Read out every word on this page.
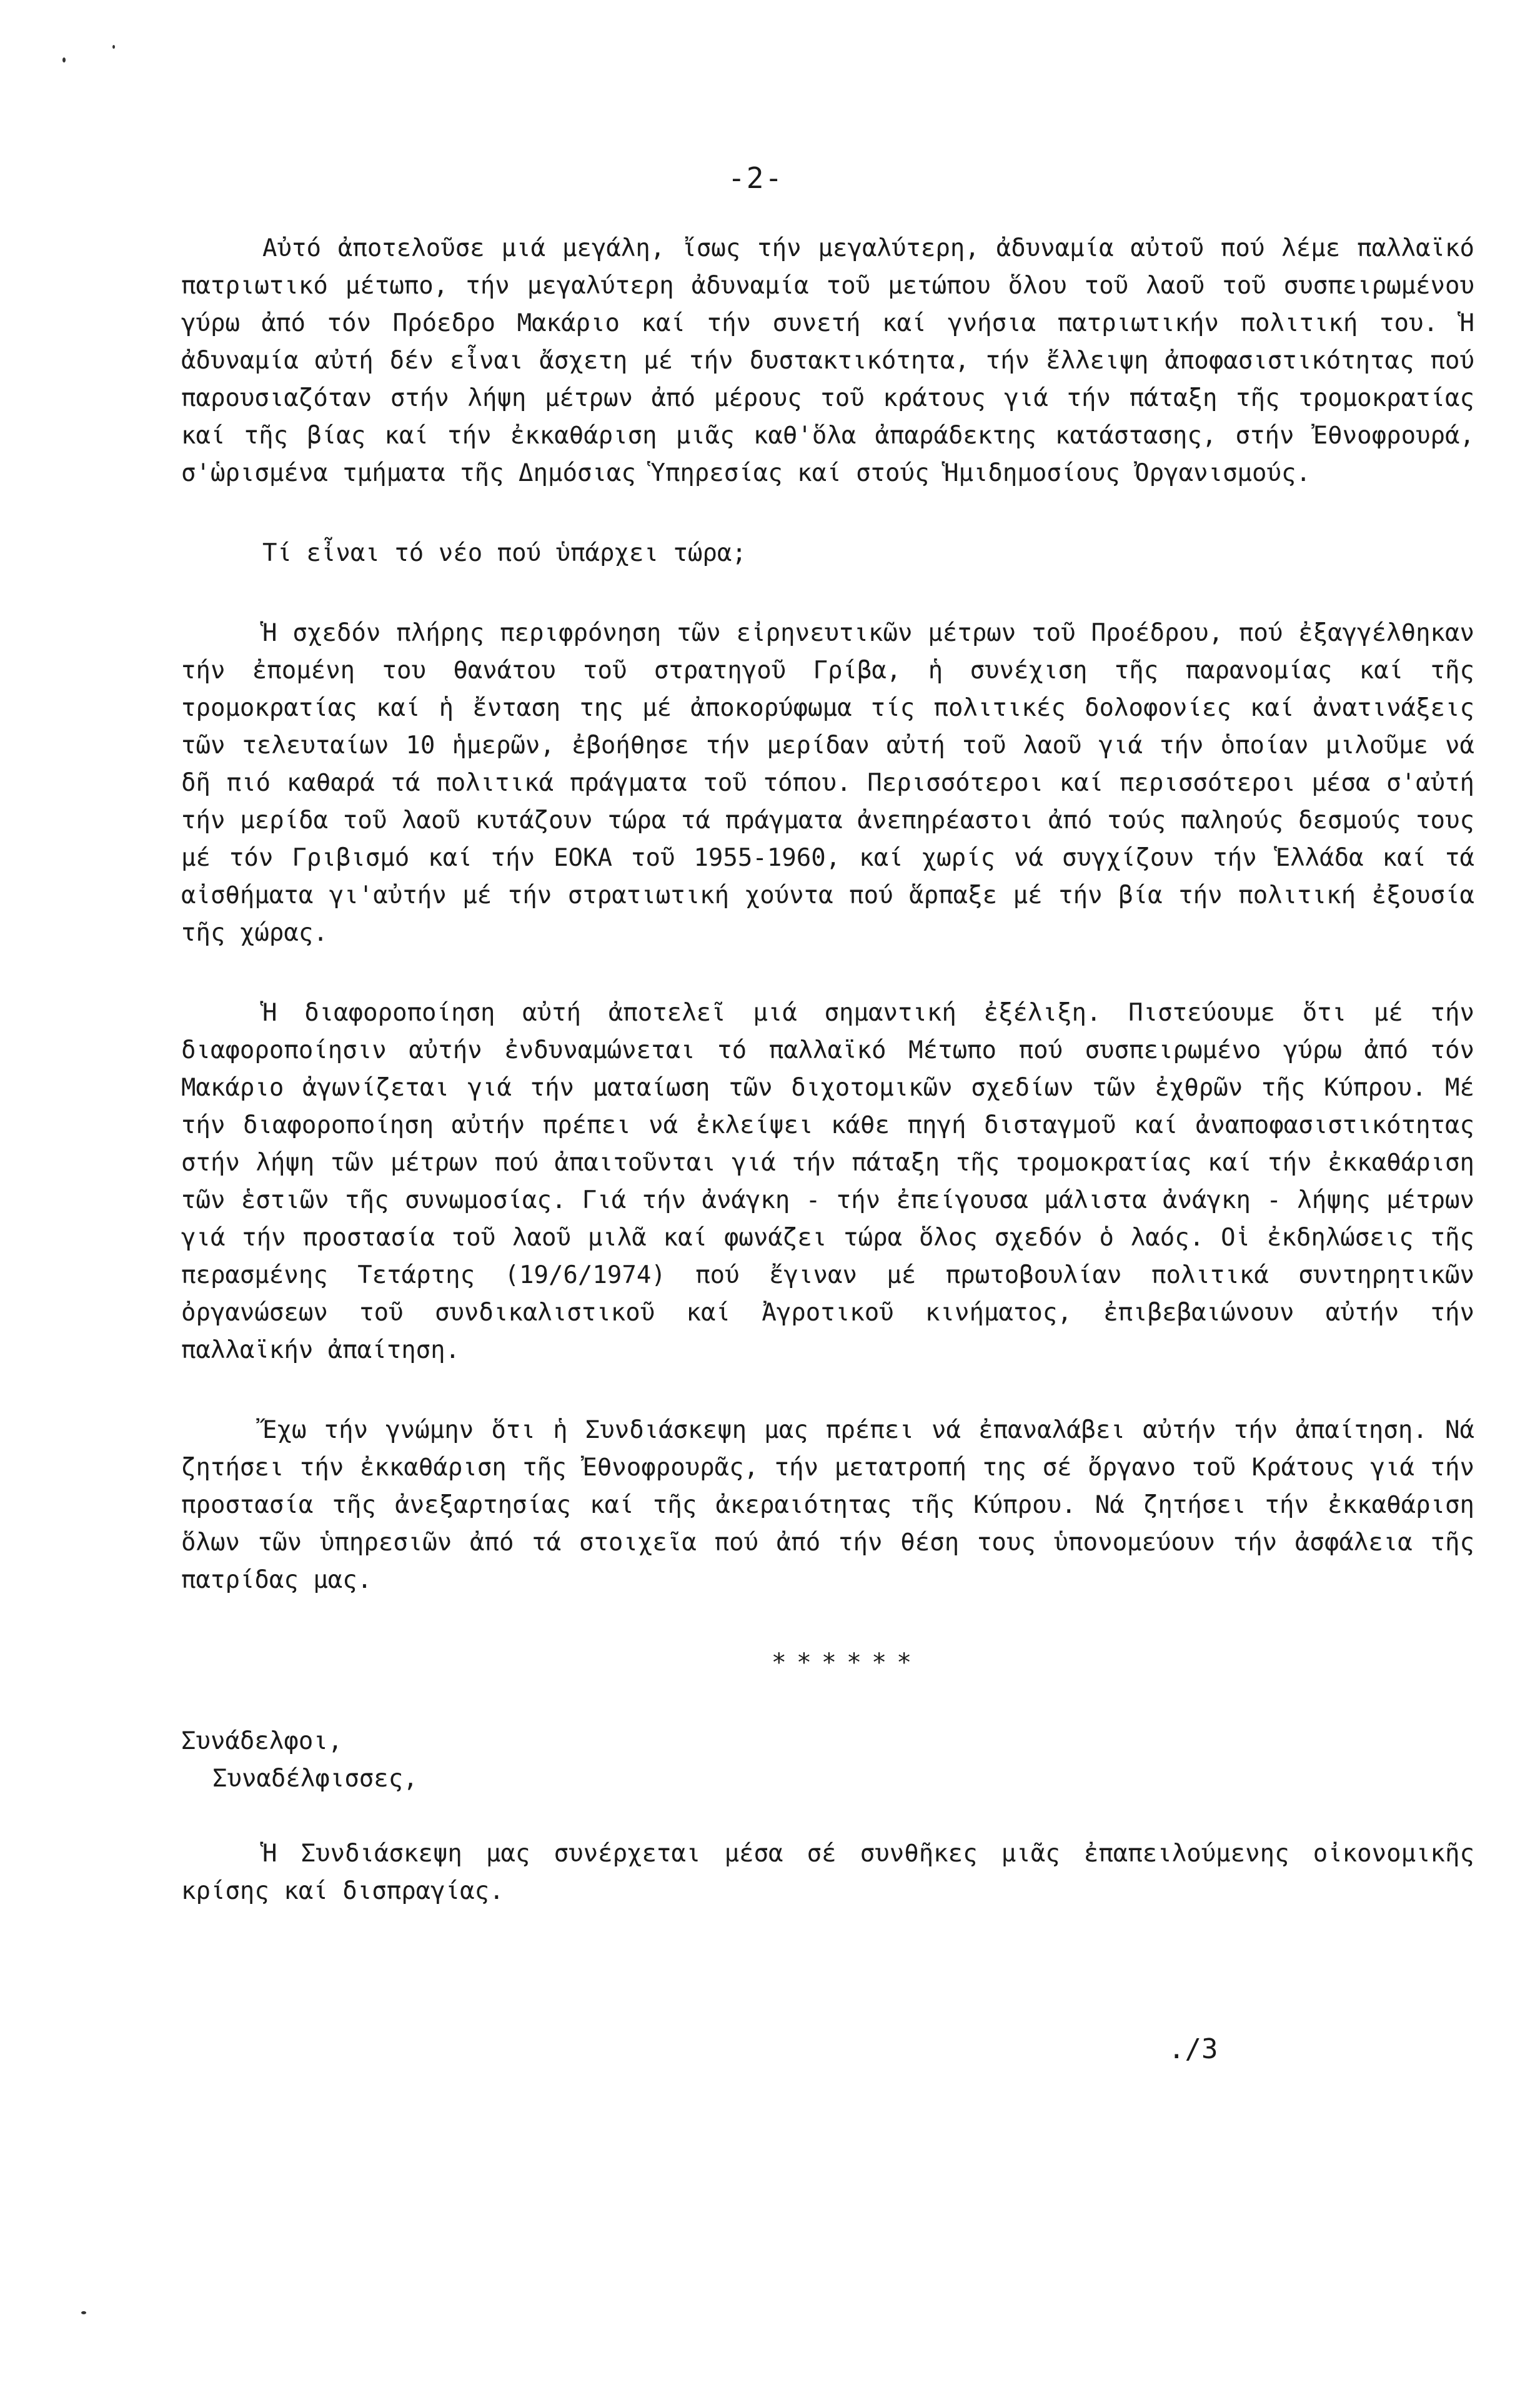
-2-

Αὐτό ἀποτελοῦσε μιά μεγάλη, ἴσως τήν μεγαλύτερη, ἀδυναμία αὐτοῦ πού λέμε παλλαϊκό πατριωτικό μέτωπο, τήν μεγαλύτερη ἀδυναμία τοῦ μετώπου ὅλου τοῦ λαοῦ τοῦ συσπειρωμένου γύρω ἀπό τόν Πρόεδρο Μακάριο καί τήν συνετή καί γνήσια πατριωτικήν πολιτική του. Ἡ ἀδυναμία αὐτή δέν εἶναι ἄσχετη μέ τήν δυστακτικότητα, τήν ἔλλειψη ἀποφασιστικότητας πού παρουσιαζόταν στήν λήψη μέτρων ἀπό μέρους τοῦ κράτους γιά τήν πάταξη τῆς τρομοκρατίας καί τῆς βίας καί τήν ἐκκαθάριση μιᾶς καθ'ὅλα ἀπαράδεκτης κατάστασης, στήν Ἐθνοφρουρά, σ'ὡρισμένα τμήματα τῆς Δημόσιας Ὑπηρεσίας καί στούς Ἡμιδημοσίους Ὀργανισμούς.

Τί εἶναι τό νέο πού ὑπάρχει τώρα;

Ἡ σχεδόν πλήρης περιφρόνηση τῶν εἰρηνευτικῶν μέτρων τοῦ Προέδρου, πού ἐξαγγέλθηκαν τήν ἐπομένη του θανάτου τοῦ στρατηγοῦ Γρίβα, ἡ συνέχιση τῆς παρανομίας καί τῆς τρομοκρατίας καί ἡ ἔνταση της μέ ἀποκορύφωμα τίς πολιτικές δολοφονίες καί ἀνατινάξεις τῶν τελευταίων 10 ἡμερῶν, ἐβοήθησε τήν μερίδαν αὐτή τοῦ λαοῦ γιά τήν ὁποίαν μιλοῦμε νά δῆ πιό καθαρά τά πολιτικά πράγματα τοῦ τόπου. Περισσότεροι καί περισσότεροι μέσα σ'αὐτή τήν μερίδα τοῦ λαοῦ κυτάζουν τώρα τά πράγματα ἀνεπηρέαστοι ἀπό τούς παληούς δεσμούς τους μέ τόν Γριβισμό καί τήν ΕΟΚΑ τοῦ 1955-1960, καί χωρίς νά συγχίζουν τήν Ἑλλάδα καί τά αἰσθήματα γι'αὐτήν μέ τήν στρατιωτική χούντα πού ἅρπαξε μέ τήν βία τήν πολιτική ἐξουσία τῆς χώρας.

Ἡ διαφοροποίηση αὐτή ἀποτελεῖ μιά σημαντική ἐξέλιξη. Πιστεύουμε ὅτι μέ τήν διαφοροποίησιν αὐτήν ἐνδυναμώνεται τό παλλαϊκό Μέτωπο πού συσπειρωμένο γύρω ἀπό τόν Μακάριο ἀγωνίζεται γιά τήν ματαίωση τῶν διχοτομικῶν σχεδίων τῶν ἐχθρῶν τῆς Κύπρου. Μέ τήν διαφοροποίηση αὐτήν πρέπει νά ἐκλείψει κάθε πηγή δισταγμοῦ καί ἀναποφασιστικότητας στήν λήψη τῶν μέτρων πού ἀπαιτοῦνται γιά τήν πάταξη τῆς τρομοκρατίας καί τήν ἐκκαθάριση τῶν ἑστιῶν τῆς συνωμοσίας. Γιά τήν ἀνάγκη - τήν ἐπείγουσα μάλιστα ἀνάγκη - λήψης μέτρων γιά τήν προστασία τοῦ λαοῦ μιλᾶ καί φωνάζει τώρα ὅλος σχεδόν ὁ λαός. Οἱ ἐκδηλώσεις τῆς περασμένης Τετάρτης (19/6/1974) πού ἔγιναν μέ πρωτοβουλίαν πολιτικά συντηρητικῶν ὀργανώσεων τοῦ συνδικαλιστικοῦ καί Ἀγροτικοῦ κινήματος, ἐπιβεβαιώνουν αὐτήν τήν παλλαϊκήν ἀπαίτηση.

Ἔχω τήν γνώμην ὅτι ἡ Συνδιάσκεψη μας πρέπει νά ἐπαναλάβει αὐτήν τήν ἀπαίτηση. Νά ζητήσει τήν ἐκκαθάριση τῆς Ἐθνοφρουρᾶς, τήν μετατροπή της σέ ὄργανο τοῦ Κράτους γιά τήν προστασία τῆς ἀνεξαρτησίας καί τῆς ἀκεραιότητας τῆς Κύπρου. Νά ζητήσει τήν ἐκκαθάριση ὅλων τῶν ὑπηρεσιῶν ἀπό τά στοιχεῖα πού ἀπό τήν θέση τους ὑπονομεύουν τήν ἀσφάλεια τῆς πατρίδας μας.

******

Συνάδελφοι,

Συναδέλφισσες,

Ἡ Συνδιάσκεψη μας συνέρχεται μέσα σέ συνθῆκες μιᾶς ἐπαπειλούμενης οἰκονομικῆς κρίσης καί δισπραγίας.

./3
